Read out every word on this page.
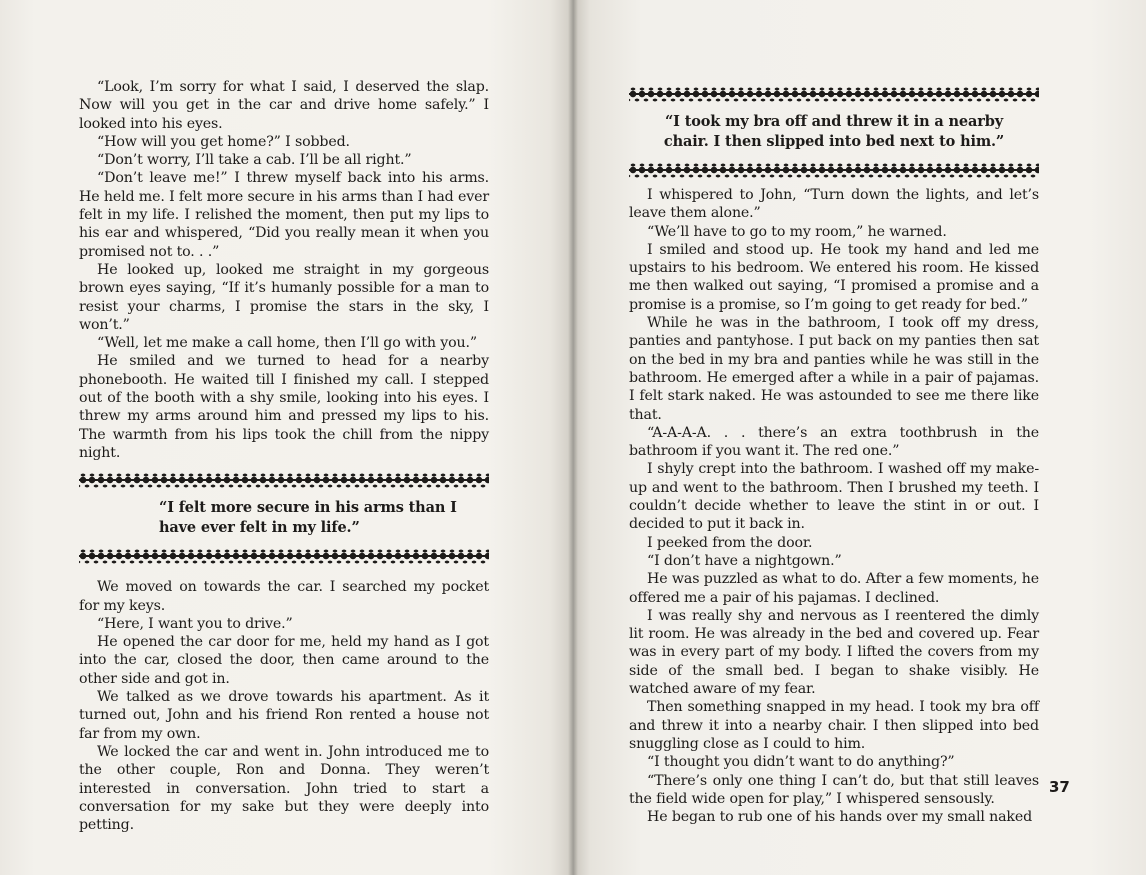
“Look, I’m sorry for what I said, I deserved the slap. Now will you get in the car and drive home safely.” I looked into his eyes.

“How will you get home?” I sobbed.

“Don’t worry, I’ll take a cab. I’ll be all right.”

“Don’t leave me!” I threw myself back into his arms. He held me. I felt more secure in his arms than I had ever felt in my life. I relished the moment, then put my lips to his ear and whispered, “Did you really mean it when you promised not to. . .”

He looked up, looked me straight in my gorgeous brown eyes saying, “If it’s humanly possible for a man to resist your charms, I promise the stars in the sky, I won’t.”

“Well, let me make a call home, then I’ll go with you.”

He smiled and we turned to head for a nearby phonebooth. He waited till I finished my call. I stepped out of the booth with a shy smile, looking into his eyes. I threw my arms around him and pressed my lips to his. The warmth from his lips took the chill from the nippy night.

“I felt more secure in his arms than I have ever felt in my life.”

We moved on towards the car. I searched my pocket for my keys.

“Here, I want you to drive.”

He opened the car door for me, held my hand as I got into the car, closed the door, then came around to the other side and got in.

We talked as we drove towards his apartment. As it turned out, John and his friend Ron rented a house not far from my own.

We locked the car and went in. John introduced me to the other couple, Ron and Donna. They weren’t interested in conversation. John tried to start a conversation for my sake but they were deeply into petting.

“I took my bra off and threw it in a nearby chair. I then slipped into bed next to him.”

I whispered to John, “Turn down the lights, and let’s leave them alone.”

“We’ll have to go to my room,” he warned.

I smiled and stood up. He took my hand and led me upstairs to his bedroom. We entered his room. He kissed me then walked out saying, “I promised a promise and a promise is a promise, so I’m going to get ready for bed.”

While he was in the bathroom, I took off my dress, panties and pantyhose. I put back on my panties then sat on the bed in my bra and panties while he was still in the bathroom. He emerged after a while in a pair of pajamas. I felt stark naked. He was astounded to see me there like that.

“A-A-A-A. . . there’s an extra toothbrush in the bathroom if you want it. The red one.”

I shyly crept into the bathroom. I washed off my make-up and went to the bathroom. Then I brushed my teeth. I couldn’t decide whether to leave the stint in or out. I decided to put it back in.

I peeked from the door.

“I don’t have a nightgown.”

He was puzzled as what to do. After a few moments, he offered me a pair of his pajamas. I declined.

I was really shy and nervous as I reentered the dimly lit room. He was already in the bed and covered up. Fear was in every part of my body. I lifted the covers from my side of the small bed. I began to shake visibly. He watched aware of my fear.

Then something snapped in my head. I took my bra off and threw it into a nearby chair. I then slipped into bed snuggling close as I could to him.

“I thought you didn’t want to do anything?”

“There’s only one thing I can’t do, but that still leaves the field wide open for play,” I whispered sensously.

He began to rub one of his hands over my small naked

37
